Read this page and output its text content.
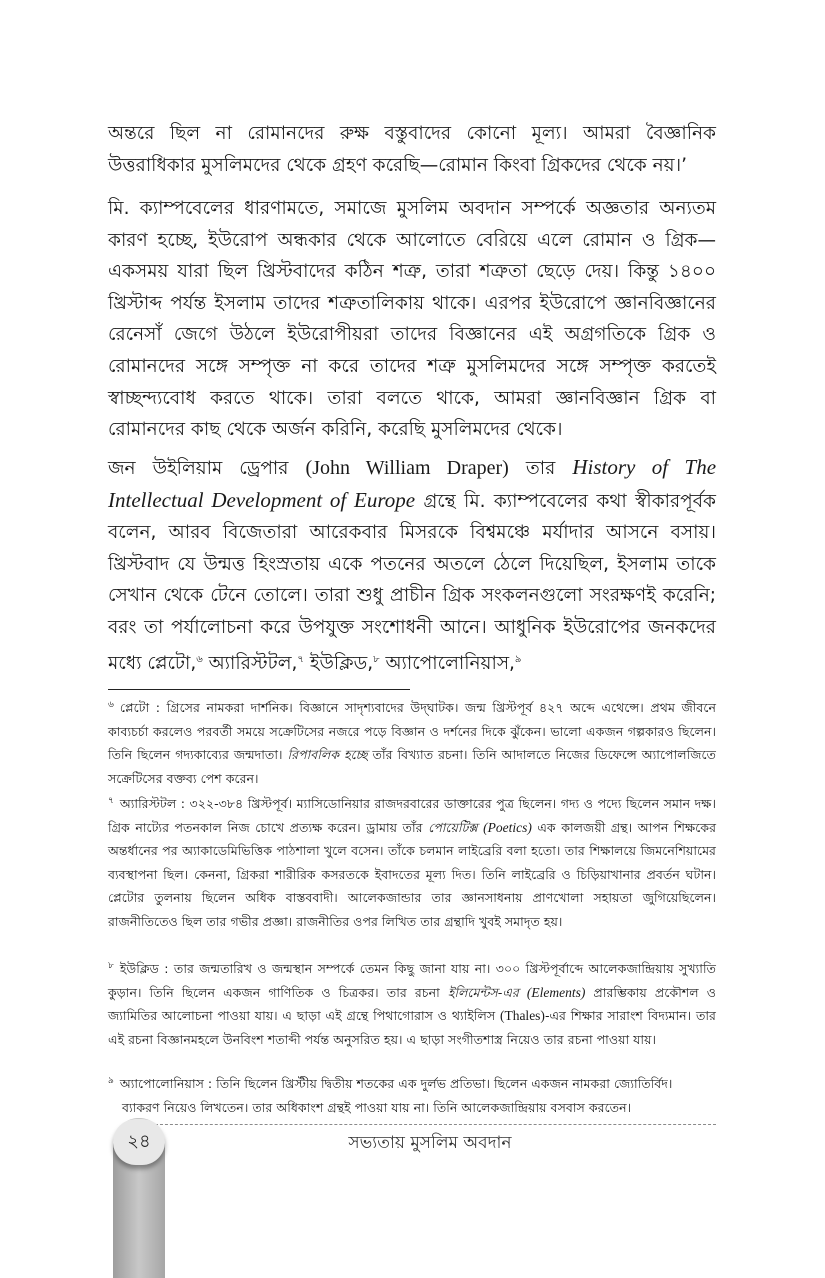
অন্তরে ছিল না রোমানদের রুক্ষ বস্তুবাদের কোনো মূল্য। আমরা বৈজ্ঞানিক উত্তরাধিকার মুসলিমদের থেকে গ্রহণ করেছি—রোমান কিংবা গ্রিকদের থেকে নয়।’

মি. ক্যাম্পবেলের ধারণামতে, সমাজে মুসলিম অবদান সম্পর্কে অজ্ঞতার অন্যতম কারণ হচ্ছে, ইউরোপ অন্ধকার থেকে আলোতে বেরিয়ে এলে রোমান ও গ্রিক—একসময় যারা ছিল খ্রিস্টবাদের কঠিন শত্রু, তারা শত্রুতা ছেড়ে দেয়। কিন্তু ১৪০০ খ্রিস্টাব্দ পর্যন্ত ইসলাম তাদের শত্রুতালিকায় থাকে। এরপর ইউরোপে জ্ঞানবিজ্ঞানের রেনেসাঁ জেগে উঠলে ইউরোপীয়রা তাদের বিজ্ঞানের এই অগ্রগতিকে গ্রিক ও রোমানদের সঙ্গে সম্পৃক্ত না করে তাদের শত্রু মুসলিমদের সঙ্গে সম্পৃক্ত করতেই স্বাচ্ছন্দ্যবোধ করতে থাকে। তারা বলতে থাকে, আমরা জ্ঞানবিজ্ঞান গ্রিক বা রোমানদের কাছ থেকে অর্জন করিনি, করেছি মুসলিমদের থেকে।

জন উইলিয়াম ড্রেপার (John William Draper) তার History of The Intellectual Development of Europe গ্রন্থে মি. ক্যাম্পবেলের কথা স্বীকারপূর্বক বলেন, আরব বিজেতারা আরেকবার মিসরকে বিশ্বমঞ্চে মর্যাদার আসনে বসায়। খ্রিস্টবাদ যে উন্মত্ত হিংস্রতায় একে পতনের অতলে ঠেলে দিয়েছিল, ইসলাম তাকে সেখান থেকে টেনে তোলে। তারা শুধু প্রাচীন গ্রিক সংকলনগুলো সংরক্ষণই করেনি; বরং তা পর্যালোচনা করে উপযুক্ত সংশোধনী আনে। আধুনিক ইউরোপের জনকদের মধ্যে প্লেটো,$^৬$ অ্যারিস্টটল,$^৭$ ইউক্লিড,$^৮$ অ্যাপোলোনিয়াস,$^৯$

$^৬$ প্লেটো : গ্রিসের নামকরা দার্শনিক। বিজ্ঞানে সাদৃশ্যবাদের উদ্‌ঘাটক। জন্ম খ্রিস্টপূর্ব ৪২৭ অব্দে এথেন্সে। প্রথম জীবনে কাব্যচর্চা করলেও পরবর্তী সময়ে সক্রেটিসের নজরে পড়ে বিজ্ঞান ও দর্শনের দিকে ঝুঁকেন। ভালো একজন গল্পকারও ছিলেন। তিনি ছিলেন গদ্যকাব্যের জন্মদাতা। রিপাবলিক হচ্ছে তাঁর বিখ্যাত রচনা। তিনি আদালতে নিজের ডিফেন্সে অ্যাপোলজিতে সক্রেটিসের বক্তব্য পেশ করেন।

$^৭$ অ্যারিস্টটল : ৩২২-৩৮৪ খ্রিস্টপূর্ব। ম্যাসিডোনিয়ার রাজদরবারের ডাক্তারের পুত্র ছিলেন। গদ্য ও পদ্যে ছিলেন সমান দক্ষ। গ্রিক নাট্যের পতনকাল নিজ চোখে প্রত্যক্ষ করেন। ড্রামায় তাঁর পোয়েটিক্স (Poetics) এক কালজয়ী গ্রন্থ। আপন শিক্ষকের অন্তর্ধানের পর অ্যাকাডেমিভিত্তিক পাঠশালা খুলে বসেন। তাঁকে চলমান লাইব্রেরি বলা হতো। তার শিক্ষালয়ে জিমনেশিয়ামের ব্যবস্থাপনা ছিল। কেননা, গ্রিকরা শারীরিক কসরতকে ইবাদতের মূল্য দিত। তিনি লাইব্রেরি ও চিড়িয়াখানার প্রবর্তন ঘটান। প্লেটোর তুলনায় ছিলেন অধিক বাস্তববাদী। আলেকজান্ডার তার জ্ঞানসাধনায় প্রাণখোলা সহায়তা জুগিয়েছিলেন। রাজনীতিতেও ছিল তার গভীর প্রজ্ঞা। রাজনীতির ওপর লিখিত তার গ্রন্থাদি খুবই সমাদৃত হয়।

$^৮$ ইউক্লিড : তার জন্মতারিখ ও জন্মস্থান সম্পর্কে তেমন কিছু জানা যায় না। ৩০০ খ্রিস্টপূর্বাব্দে আলেকজান্দ্রিয়ায় সুখ্যাতি কুড়ান। তিনি ছিলেন একজন গাণিতিক ও চিত্রকর। তার রচনা ইলিমেন্টস-এর (Elements) প্রারম্ভিকায় প্রকৌশল ও জ্যামিতির আলোচনা পাওয়া যায়। এ ছাড়া এই গ্রন্থে পিথাগোরাস ও থ্যাইলিস (Thales)-এর শিক্ষার সারাংশ বিদ্যমান। তার এই রচনা বিজ্ঞানমহলে উনবিংশ শতাব্দী পর্যন্ত অনুসরিত হয়। এ ছাড়া সংগীতশাস্ত্র নিয়েও তার রচনা পাওয়া যায়।

$^৯$ অ্যাপোলোনিয়াস : তিনি ছিলেন খ্রিস্টীয় দ্বিতীয় শতকের এক দুর্লভ প্রতিভা। ছিলেন একজন নামকরা জ্যোতির্বিদ।
ব্যাকরণ নিয়েও লিখতেন। তার অধিকাংশ গ্রন্থই পাওয়া যায় না। তিনি আলেকজান্দ্রিয়ায় বসবাস করতেন।

২৪	সভ্যতায় মুসলিম অবদান
